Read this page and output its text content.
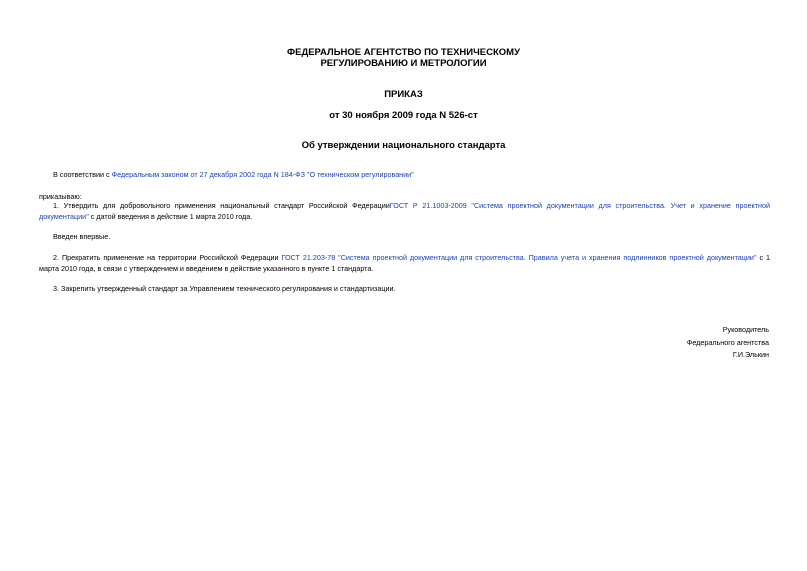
ФЕДЕРАЛЬНОЕ АГЕНТСТВО ПО ТЕХНИЧЕСКОМУ
РЕГУЛИРОВАНИЮ И МЕТРОЛОГИИ
ПРИКАЗ
от 30 ноября 2009 года N 526-ст
Об утверждении национального стандарта

В соответствии с Федеральным законом от 27 декабря 2002 года N 184-ФЗ "О техническом регулировании"

приказываю:

1. Утвердить для добровольного применения национальный стандарт Российской ФедерацииГОСТ Р 21.1003-2009 "Система проектной документации для строительства. Учет и хранение проектной документации" с датой введения в действие 1 марта 2010 года.

Введен впервые.

2. Прекратить применение на территории Российской Федерации ГОСТ 21.203-78 "Система проектной документации для строительства. Правила учета и хранения подлинников проектной документации" с 1 марта 2010 года, в связи с утверждением и введением в действие указанного в пункте 1 стандарта.

3. Закрепить утвержденный стандарт за Управлением технического регулирования и стандартизации.

Руководитель
Федерального агентства
Г.И.Элькин
